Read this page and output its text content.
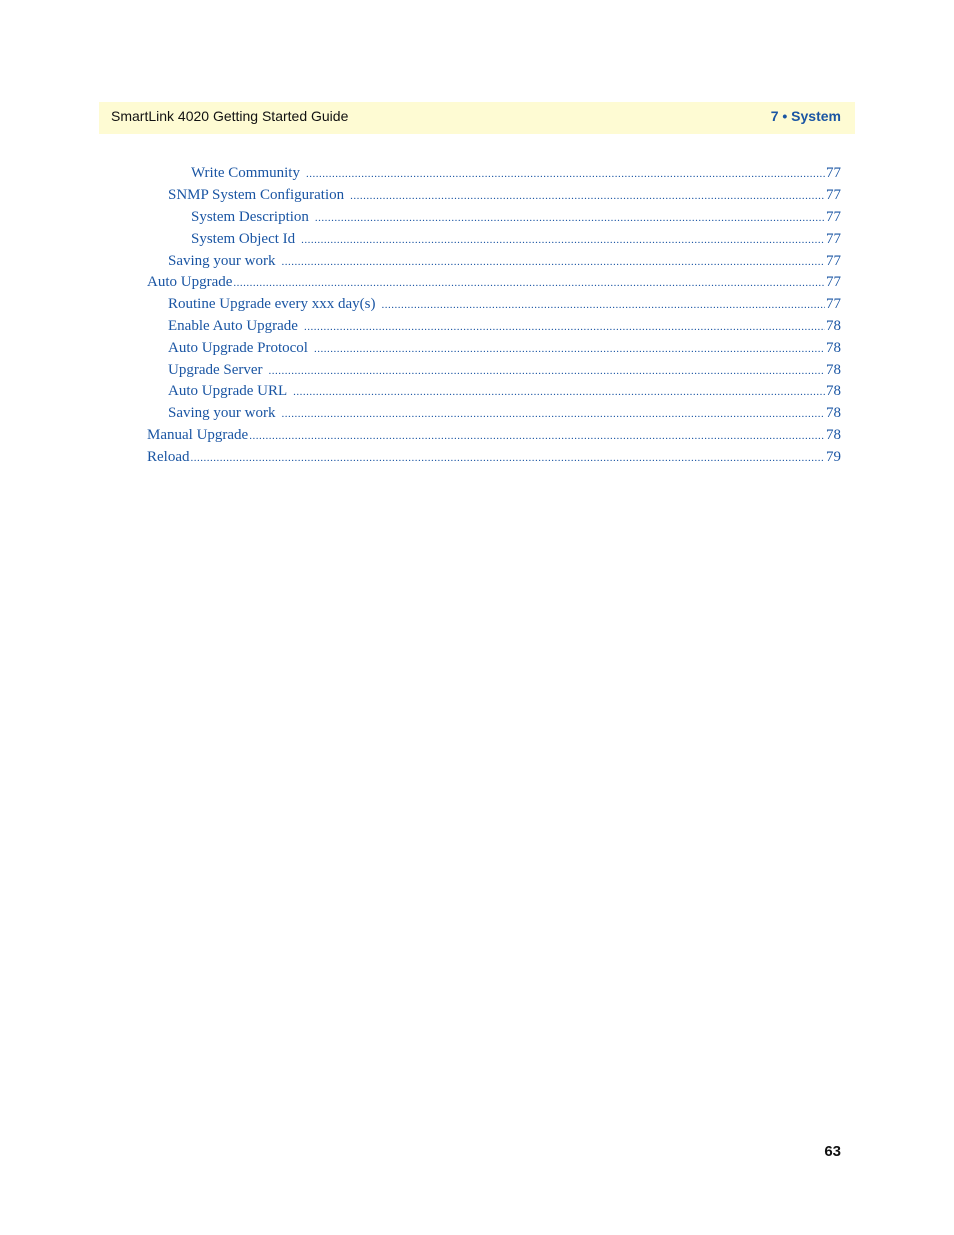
SmartLink 4020 Getting Started Guide	7 • System
Write Community .....	77
SNMP System Configuration .....	77
System Description .....	77
System Object Id .....	77
Saving your work .....	77
Auto Upgrade .....	77
Routine Upgrade every xxx day(s) .....	77
Enable Auto Upgrade .....	78
Auto Upgrade Protocol .....	78
Upgrade Server .....	78
Auto Upgrade URL .....	78
Saving your work .....	78
Manual Upgrade .....	78
Reload .....	79
63
